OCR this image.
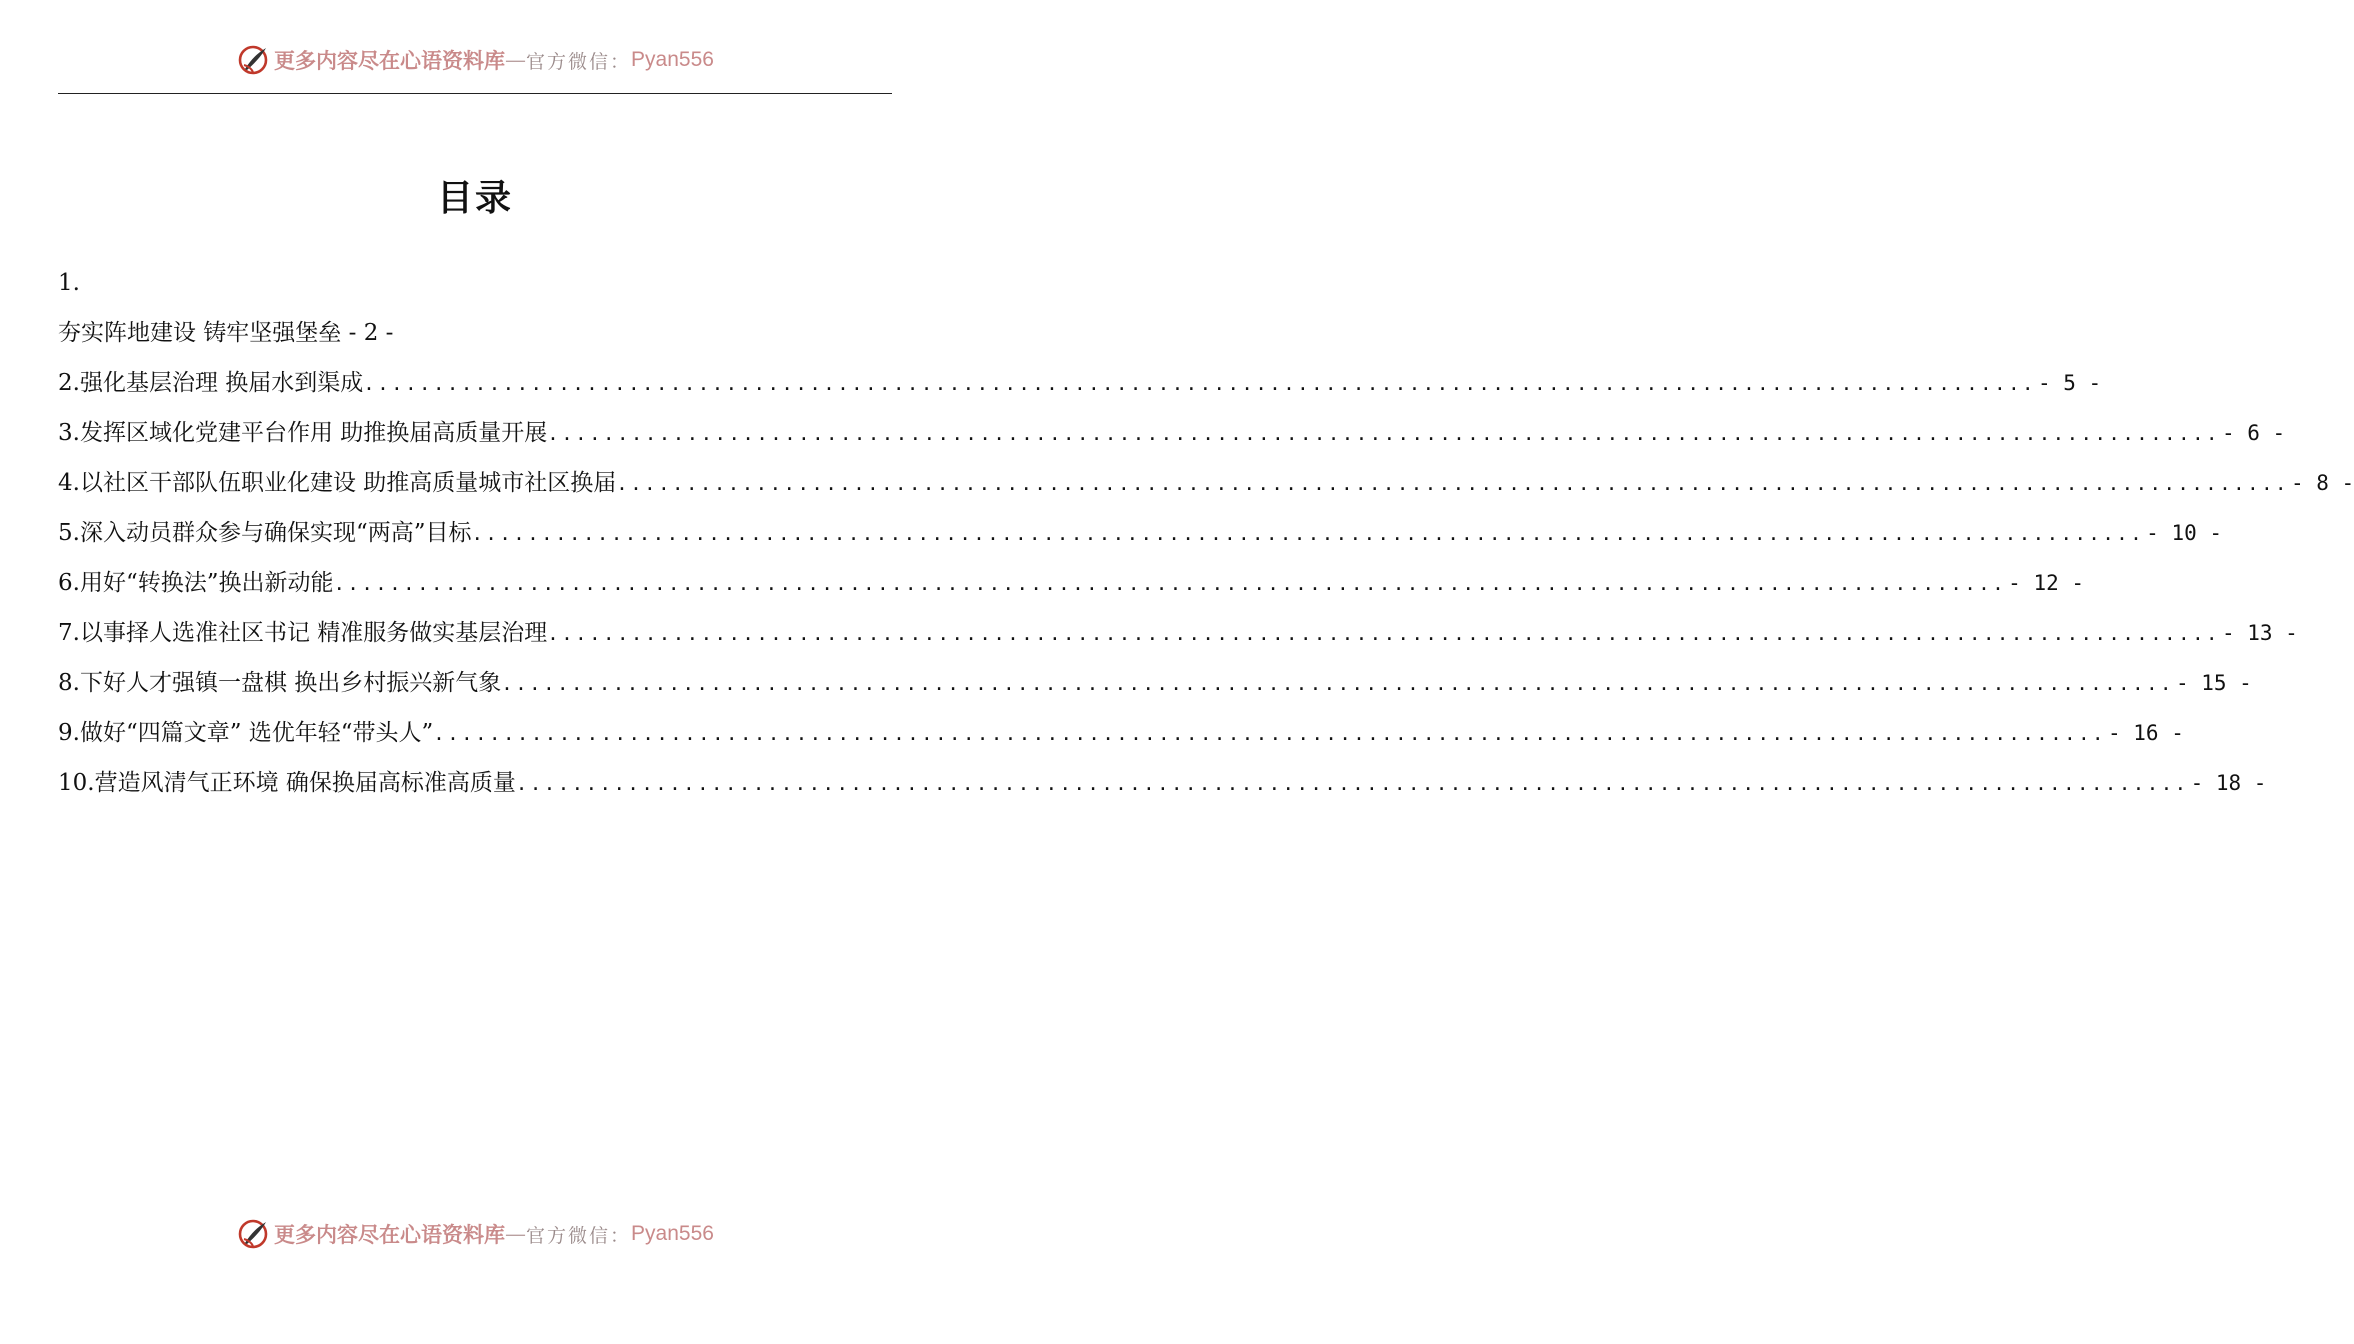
更多内容尽在心语资料库 — 官方微信： Pyan556
目录
1.
夯实阵地建设 铸牢坚强堡垒 - 2 -
2.强化基层治理 换届水到渠成 ........................................................................................................................ - 5 -
3.发挥区域化党建平台作用 助推换届高质量开展 ........................................................................................................................ - 6 -
4.以社区干部队伍职业化建设 助推高质量城市社区换届 ........................................................................................................................ - 8 -
5.深入动员群众参与确保实现“两高”目标 ........................................................................................................................ - 10 -
6.用好“转换法”换出新动能 ........................................................................................................................ - 12 -
7.以事择人选准社区书记 精准服务做实基层治理 ........................................................................................................................ - 13 -
8.下好人才强镇一盘棋 换出乡村振兴新气象 ........................................................................................................................ - 15 -
9.做好“四篇文章” 选优年轻“带头人” ........................................................................................................................ - 16 -
10.营造风清气正环境 确保换届高标准高质量 ........................................................................................................................ - 18 -
更多内容尽在心语资料库 — 官方微信： Pyan556
